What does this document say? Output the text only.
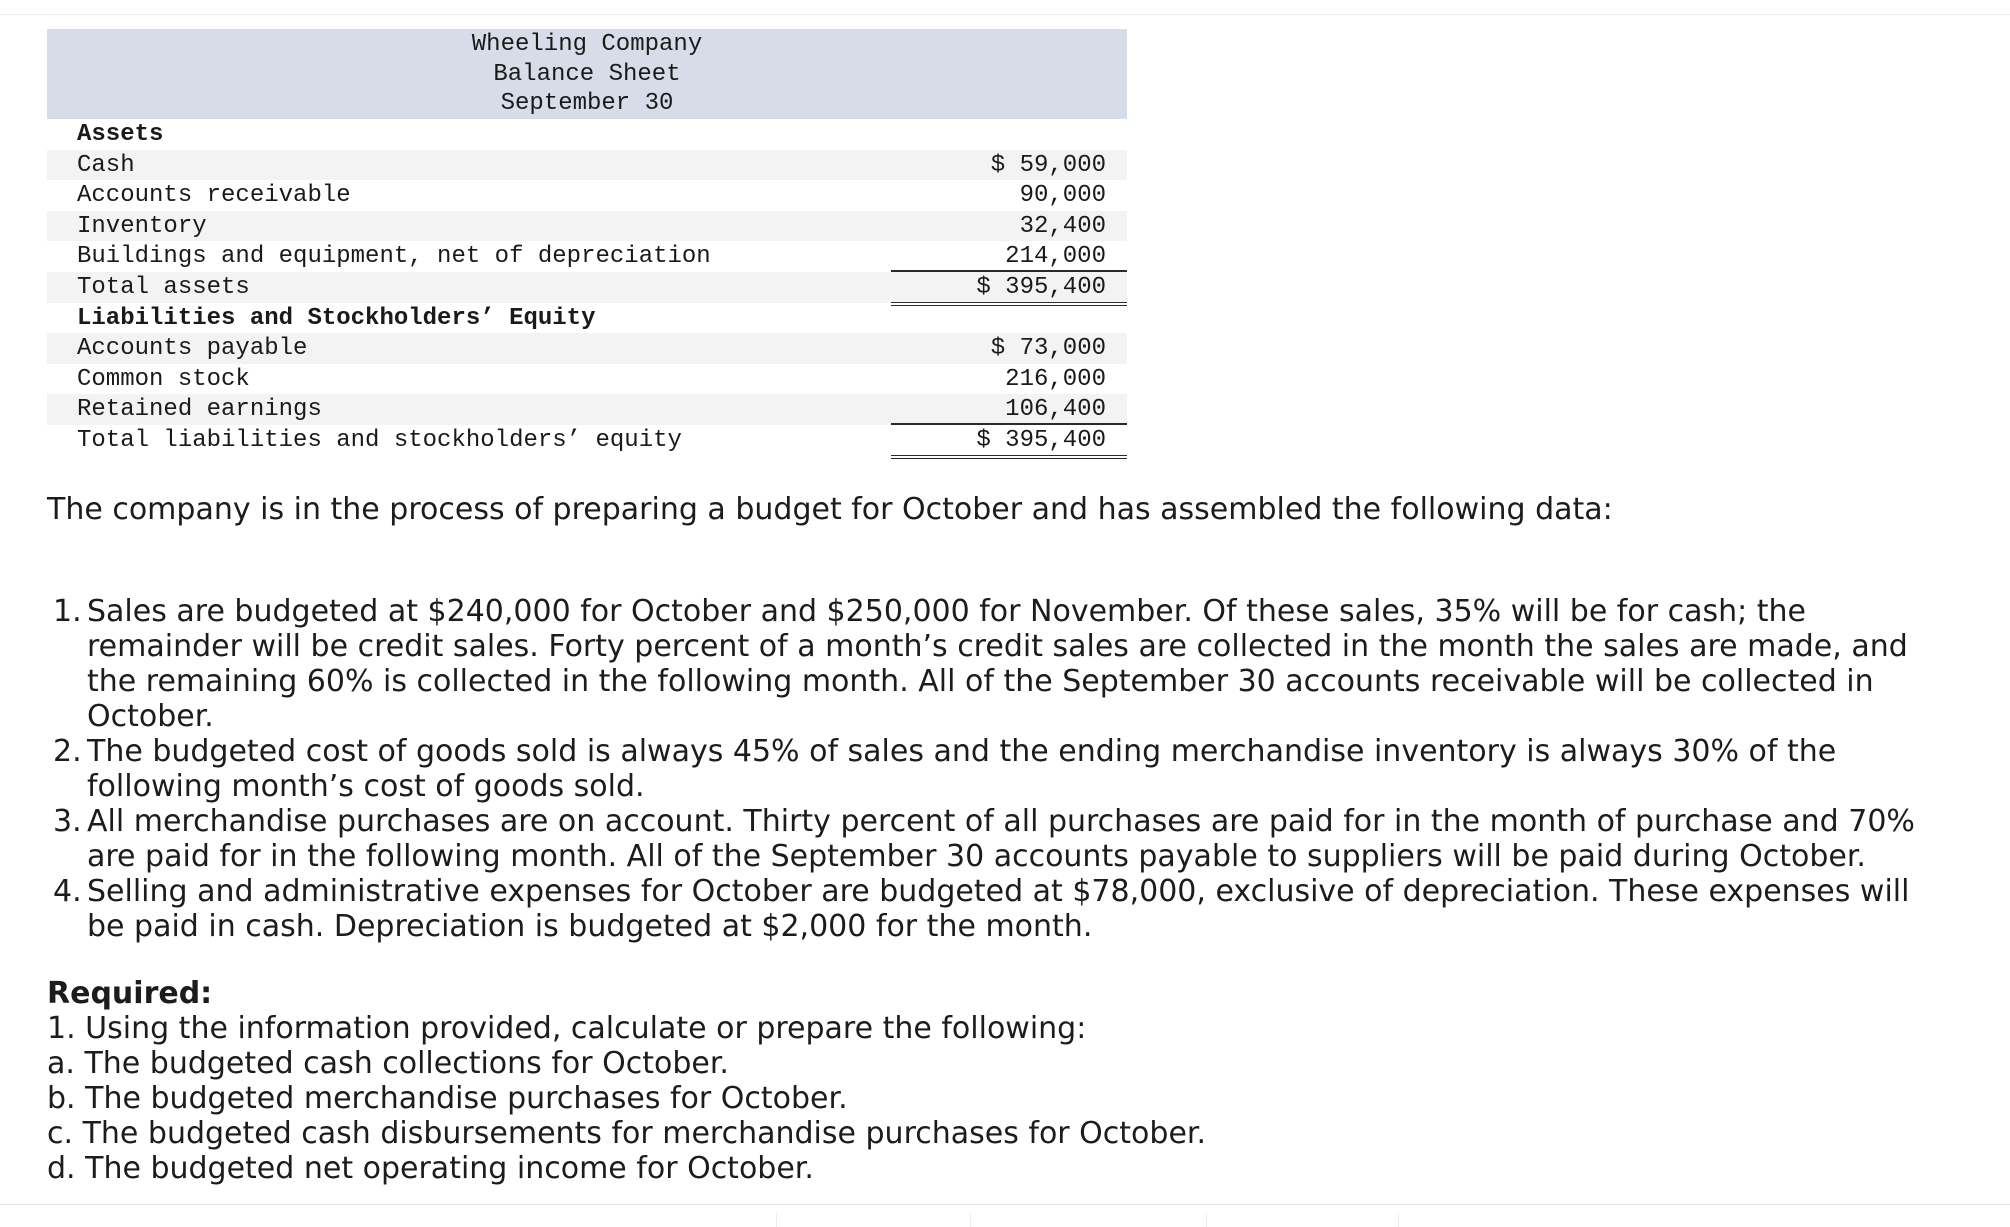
Wheeling Company
Balance Sheet
September 30
Assets
Cash	$ 59,000
Accounts receivable	90,000
Inventory	32,400
Buildings and equipment, net of depreciation	214,000
Total assets	$ 395,400
Liabilities and Stockholders’ Equity
Accounts payable	$ 73,000
Common stock	216,000
Retained earnings	106,400
Total liabilities and stockholders’ equity	$ 395,400
The company is in the process of preparing a budget for October and has assembled the following data:
1. Sales are budgeted at $240,000 for October and $250,000 for November. Of these sales, 35% will be for cash; the remainder will be credit sales. Forty percent of a month’s credit sales are collected in the month the sales are made, and the remaining 60% is collected in the following month. All of the September 30 accounts receivable will be collected in October.
2. The budgeted cost of goods sold is always 45% of sales and the ending merchandise inventory is always 30% of the following month’s cost of goods sold.
3. All merchandise purchases are on account. Thirty percent of all purchases are paid for in the month of purchase and 70% are paid for in the following month. All of the September 30 accounts payable to suppliers will be paid during October.
4. Selling and administrative expenses for October are budgeted at $78,000, exclusive of depreciation. These expenses will be paid in cash. Depreciation is budgeted at $2,000 for the month.
Required:
1. Using the information provided, calculate or prepare the following:
a. The budgeted cash collections for October.
b. The budgeted merchandise purchases for October.
c. The budgeted cash disbursements for merchandise purchases for October.
d. The budgeted net operating income for October.
